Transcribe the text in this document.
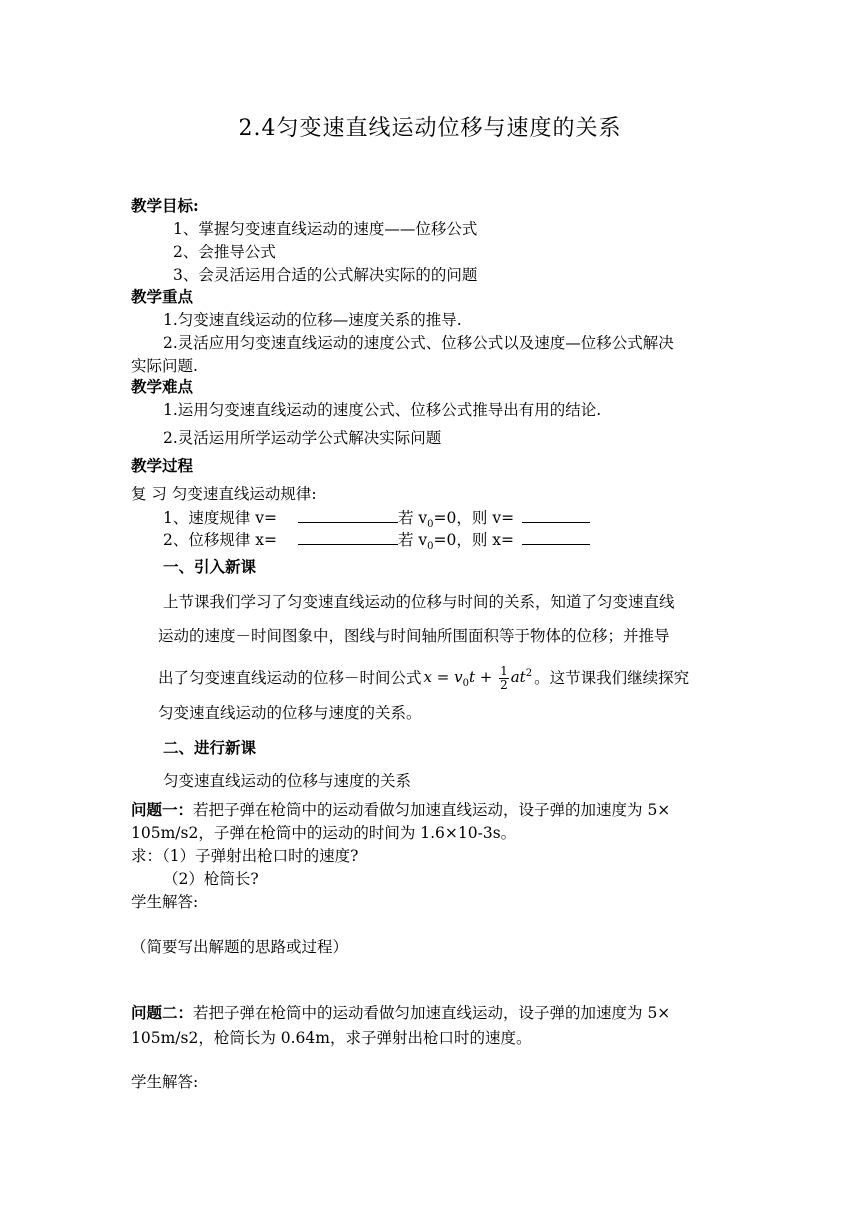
2.4匀变速直线运动位移与速度的关系
教学目标:
1、掌握匀变速直线运动的速度——位移公式
2、会推导公式
3、会灵活运用合适的公式解决实际的的问题
教学重点
1.匀变速直线运动的位移—速度关系的推导.
2.灵活应用匀变速直线运动的速度公式、位移公式以及速度—位移公式解决
实际问题.
教学难点
1.运用匀变速直线运动的速度公式、位移公式推导出有用的结论.
2.灵活运用所学运动学公式解决实际问题
教学过程
复 习 匀变速直线运动规律:
1、速度规律 v=	若 $v_0=0$，则 v=
2、位移规律 x=	若 $v_0=0$，则 x=
一、引入新课
上节课我们学习了匀变速直线运动的位移与时间的关系，知道了匀变速直线
运动的速度－时间图象中，图线与时间轴所围面积等于物体的位移；并推导
出了匀变速直线运动的位移－时间公式 $x = v_0t + \frac{1}{2} at^2$ 。这节课我们继续探究
匀变速直线运动的位移与速度的关系。
二、进行新课
匀变速直线运动的位移与速度的关系
问题一：若把子弹在枪筒中的运动看做匀加速直线运动，设子弹的加速度为 5×
105m/s2，子弹在枪筒中的运动的时间为 1.6×10-3s。
求：（1）子弹射出枪口时的速度?
（2）枪筒长?
学生解答:
（简要写出解题的思路或过程）
问题二：若把子弹在枪筒中的运动看做匀加速直线运动，设子弹的加速度为 5×
105m/s2，枪筒长为 0.64m，求子弹射出枪口时的速度。
学生解答:
